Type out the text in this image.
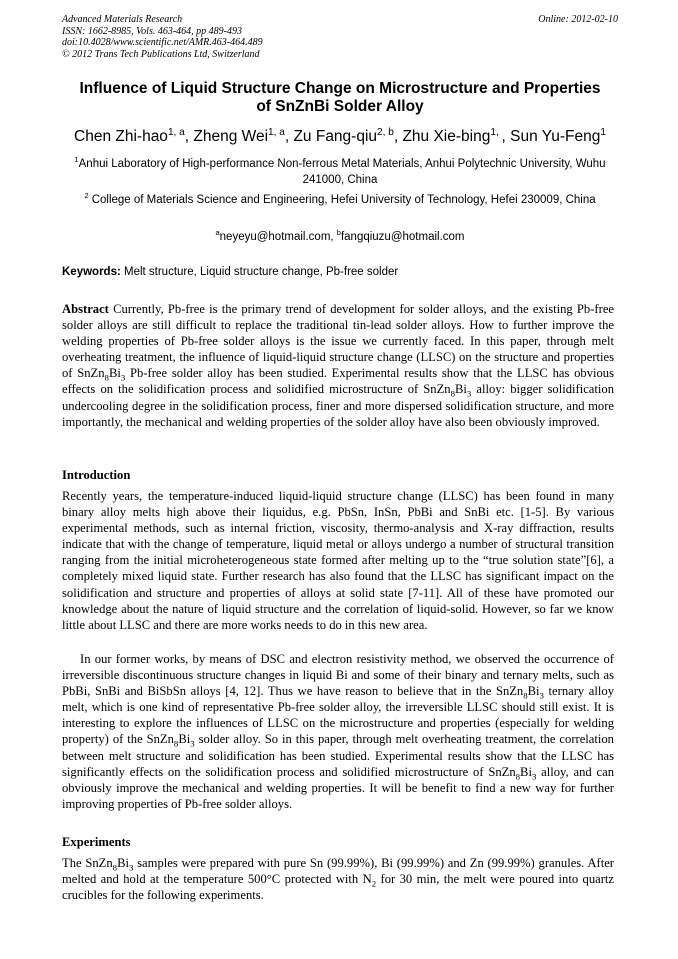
Advanced Materials Research
ISSN: 1662-8985, Vols. 463-464, pp 489-493
doi:10.4028/www.scientific.net/AMR.463-464.489
© 2012 Trans Tech Publications Ltd, Switzerland
Online: 2012-02-10
Influence of Liquid Structure Change on Microstructure and Properties
of SnZnBi Solder Alloy
Chen Zhi-hao$^{1, a}$, Zheng Wei$^{1, a}$, Zu Fang-qiu$^{2, b}$, Zhu Xie-bing$^{1,}$ , Sun Yu-Feng$^1$
$^1$Anhui Laboratory of High-performance Non-ferrous Metal Materials, Anhui Polytechnic University, Wuhu 241000, China
$^2$ College of Materials Science and Engineering, Hefei University of Technology, Hefei 230009, China
$^a$neyeyu@hotmail.com, $^b$fangqiuzu@hotmail.com
Keywords: Melt structure, Liquid structure change, Pb-free solder
Abstract Currently, Pb-free is the primary trend of development for solder alloys, and the existing Pb-free solder alloys are still difficult to replace the traditional tin-lead solder alloys. How to further improve the welding properties of Pb-free solder alloys is the issue we currently faced. In this paper, through melt overheating treatment, the influence of liquid-liquid structure change (LLSC) on the structure and properties of $SnZn_8Bi_3$ Pb-free solder alloy has been studied. Experimental results show that the LLSC has obvious effects on the solidification process and solidified microstructure of $SnZn_8Bi_3$ alloy: bigger solidification undercooling degree in the solidification process, finer and more dispersed solidification structure, and more importantly, the mechanical and welding properties of the solder alloy have also been obviously improved.
Introduction
Recently years, the temperature-induced liquid-liquid structure change (LLSC) has been found in many binary alloy melts high above their liquidus, e.g. PbSn, InSn, PbBi and SnBi etc. [1-5]. By various experimental methods, such as internal friction, viscosity, thermo-analysis and X-ray diffraction, results indicate that with the change of temperature, liquid metal or alloys undergo a number of structural transition ranging from the initial microheterogeneous state formed after melting up to the “true solution state”[6], a completely mixed liquid state. Further research has also found that the LLSC has significant impact on the solidification and structure and properties of alloys at solid state [7-11]. All of these have promoted our knowledge about the nature of liquid structure and the correlation of liquid-solid. However, so far we know little about LLSC and there are more works needs to do in this new area.
In our former works, by means of DSC and electron resistivity method, we observed the occurrence of irreversible discontinuous structure changes in liquid Bi and some of their binary and ternary melts, such as PbBi, SnBi and BiSbSn alloys [4, 12]. Thus we have reason to believe that in the $SnZn_8Bi_3$ ternary alloy melt, which is one kind of representative Pb-free solder alloy, the irreversible LLSC should still exist. It is interesting to explore the influences of LLSC on the microstructure and properties (especially for welding property) of the $SnZn_8Bi_3$ solder alloy. So in this paper, through melt overheating treatment, the correlation between melt structure and solidification has been studied. Experimental results show that the LLSC has significantly effects on the solidification process and solidified microstructure of $SnZn_8Bi_3$ alloy, and can obviously improve the mechanical and welding properties. It will be benefit to find a new way for further improving properties of Pb-free solder alloys.
Experiments
The $SnZn_8Bi_3$ samples were prepared with pure Sn (99.99%), Bi (99.99%) and Zn (99.99%) granules. After melted and hold at the temperature 500°C protected with $N_2$ for 30 min, the melt were poured into quartz crucibles for the following experiments.
